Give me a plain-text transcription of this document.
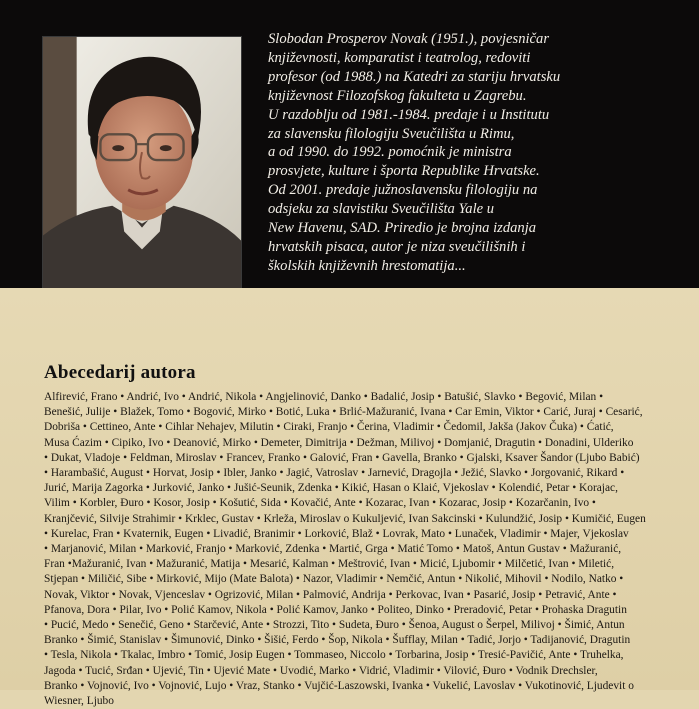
Slobodan Prosperov Novak (1951.), povjesničar
književnosti, komparatist i teatrolog, redoviti
profesor (od 1988.) na Katedri za stariju hrvatsku
književnost Filozofskog fakulteta u Zagrebu.
U razdoblju od 1981.-1984. predaje i u Institutu
za slavensku filologiju Sveučilišta u Rimu,
a od 1990. do 1992. pomoćnik je ministra
prosvjete, kulture i športa Republike Hrvatske.
Od 2001. predaje južnoslavensku filologiju na
odsjeku za slavistiku Sveučilišta Yale u
New Havenu, SAD. Priredio je brojna izdanja
hrvatskih pisaca, autor je niza sveučilišnih i
školskih književnih hrestomatija...
Abecedarij autora
Alfirević, Frano • Andrić, Ivo • Andrić, Nikola • Angjelinović, Danko • Badalić, Josip • Batušić, Slavko • Begović, Milan •
Benešić, Julije • Blažek, Tomo • Bogović, Mirko • Botić, Luka • Brlić-Mažuranić, Ivana • Car Emin, Viktor • Carić, Juraj • Cesarić,
Dobriša • Cettineo, Ante • Cihlar Nehajev, Milutin • Ciraki, Franjo • Čerina, Vladimir • Čedomil, Jakša (Jakov Čuka) • Ćatić,
Musa Ćazim • Cipiko, Ivo • Deanović, Mirko • Demeter, Dimitrija • Dežman, Milivoj • Domjanić, Dragutin • Donadini, Ulderiko
• Dukat, Vladoje • Feldman, Miroslav • Francev, Franko • Galović, Fran • Gavella, Branko • Gjalski, Ksaver Šandor (Ljubo Babić)
• Harambašić, August • Horvat, Josip • Ibler, Janko • Jagić, Vatroslav • Jarnević, Dragojla • Ježić, Slavko • Jorgovanić, Rikard •
Jurić, Marija Zagorka • Jurković, Janko • Jušić-Seunik, Zdenka • Kikić, Hasan o Klaić, Vjekoslav • Kolendić, Petar • Korajac,
Vilim • Korbler, Đuro • Kosor, Josip • Košutić, Sida • Kovačić, Ante • Kozarac, Ivan • Kozarac, Josip • Kozarčanin, Ivo •
Kranjčević, Silvije Strahimir • Krklec, Gustav • Krleža, Miroslav o Kukuljević, Ivan Sakcinski • Kulundžić, Josip • Kumičić, Eugen
• Kurelac, Fran • Kvaternik, Eugen • Livadić, Branimir • Lorković, Blaž • Lovrak, Mato • Lunaček, Vladimir • Majer, Vjekoslav
• Marjanović, Milan • Marković, Franjo • Marković, Zdenka • Martić, Grga • Matić Tomo • Matoš, Antun Gustav • Mažuranić,
Fran •Mažuranić, Ivan • Mažuranić, Matija • Mesarić, Kalman • Meštrović, Ivan • Micić, Ljubomir • Milčetić, Ivan • Miletić,
Stjepan • Miličić, Sibe • Mirković, Mijo (Mate Balota) • Nazor, Vladimir • Nemčić, Antun • Nikolić, Mihovil • Nodilo, Natko •
Novak, Viktor • Novak, Vjenceslav • Ogrizović, Milan • Palmović, Andrija • Perkovac, Ivan • Pasarić, Josip • Petravić, Ante •
Pfanova, Dora • Pilar, Ivo • Polić Kamov, Nikola • Polić Kamov, Janko • Politeo, Dinko • Preradović, Petar • Prohaska Dragutin
• Pucić, Medo • Senečić, Geno • Starčević, Ante • Strozzi, Tito • Sudeta, Đuro • Šenoa, August o Šerpel, Milivoj • Šimić, Antun
Branko • Šimić, Stanislav • Šimunović, Dinko • Šišić, Ferdo • Šop, Nikola • Šufflay, Milan • Tadić, Jorjo • Tadijanović, Dragutin
• Tesla, Nikola • Tkalac, Imbro • Tomić, Josip Eugen • Tommaseo, Niccolo • Torbarina, Josip • Tresić-Pavičić, Ante • Truhelka,
Jagoda • Tucić, Srđan • Ujević, Tin • Ujević Mate • Uvodić, Marko • Vidrić, Vladimir • Vilović, Đuro • Vodnik Drechsler,
Branko • Vojnović, Ivo • Vojnović, Lujo • Vraz, Stanko • Vujčić-Laszowski, Ivanka • Vukelić, Lavoslav • Vukotinović, Ljudevit o
Wiesner, Ljubo
